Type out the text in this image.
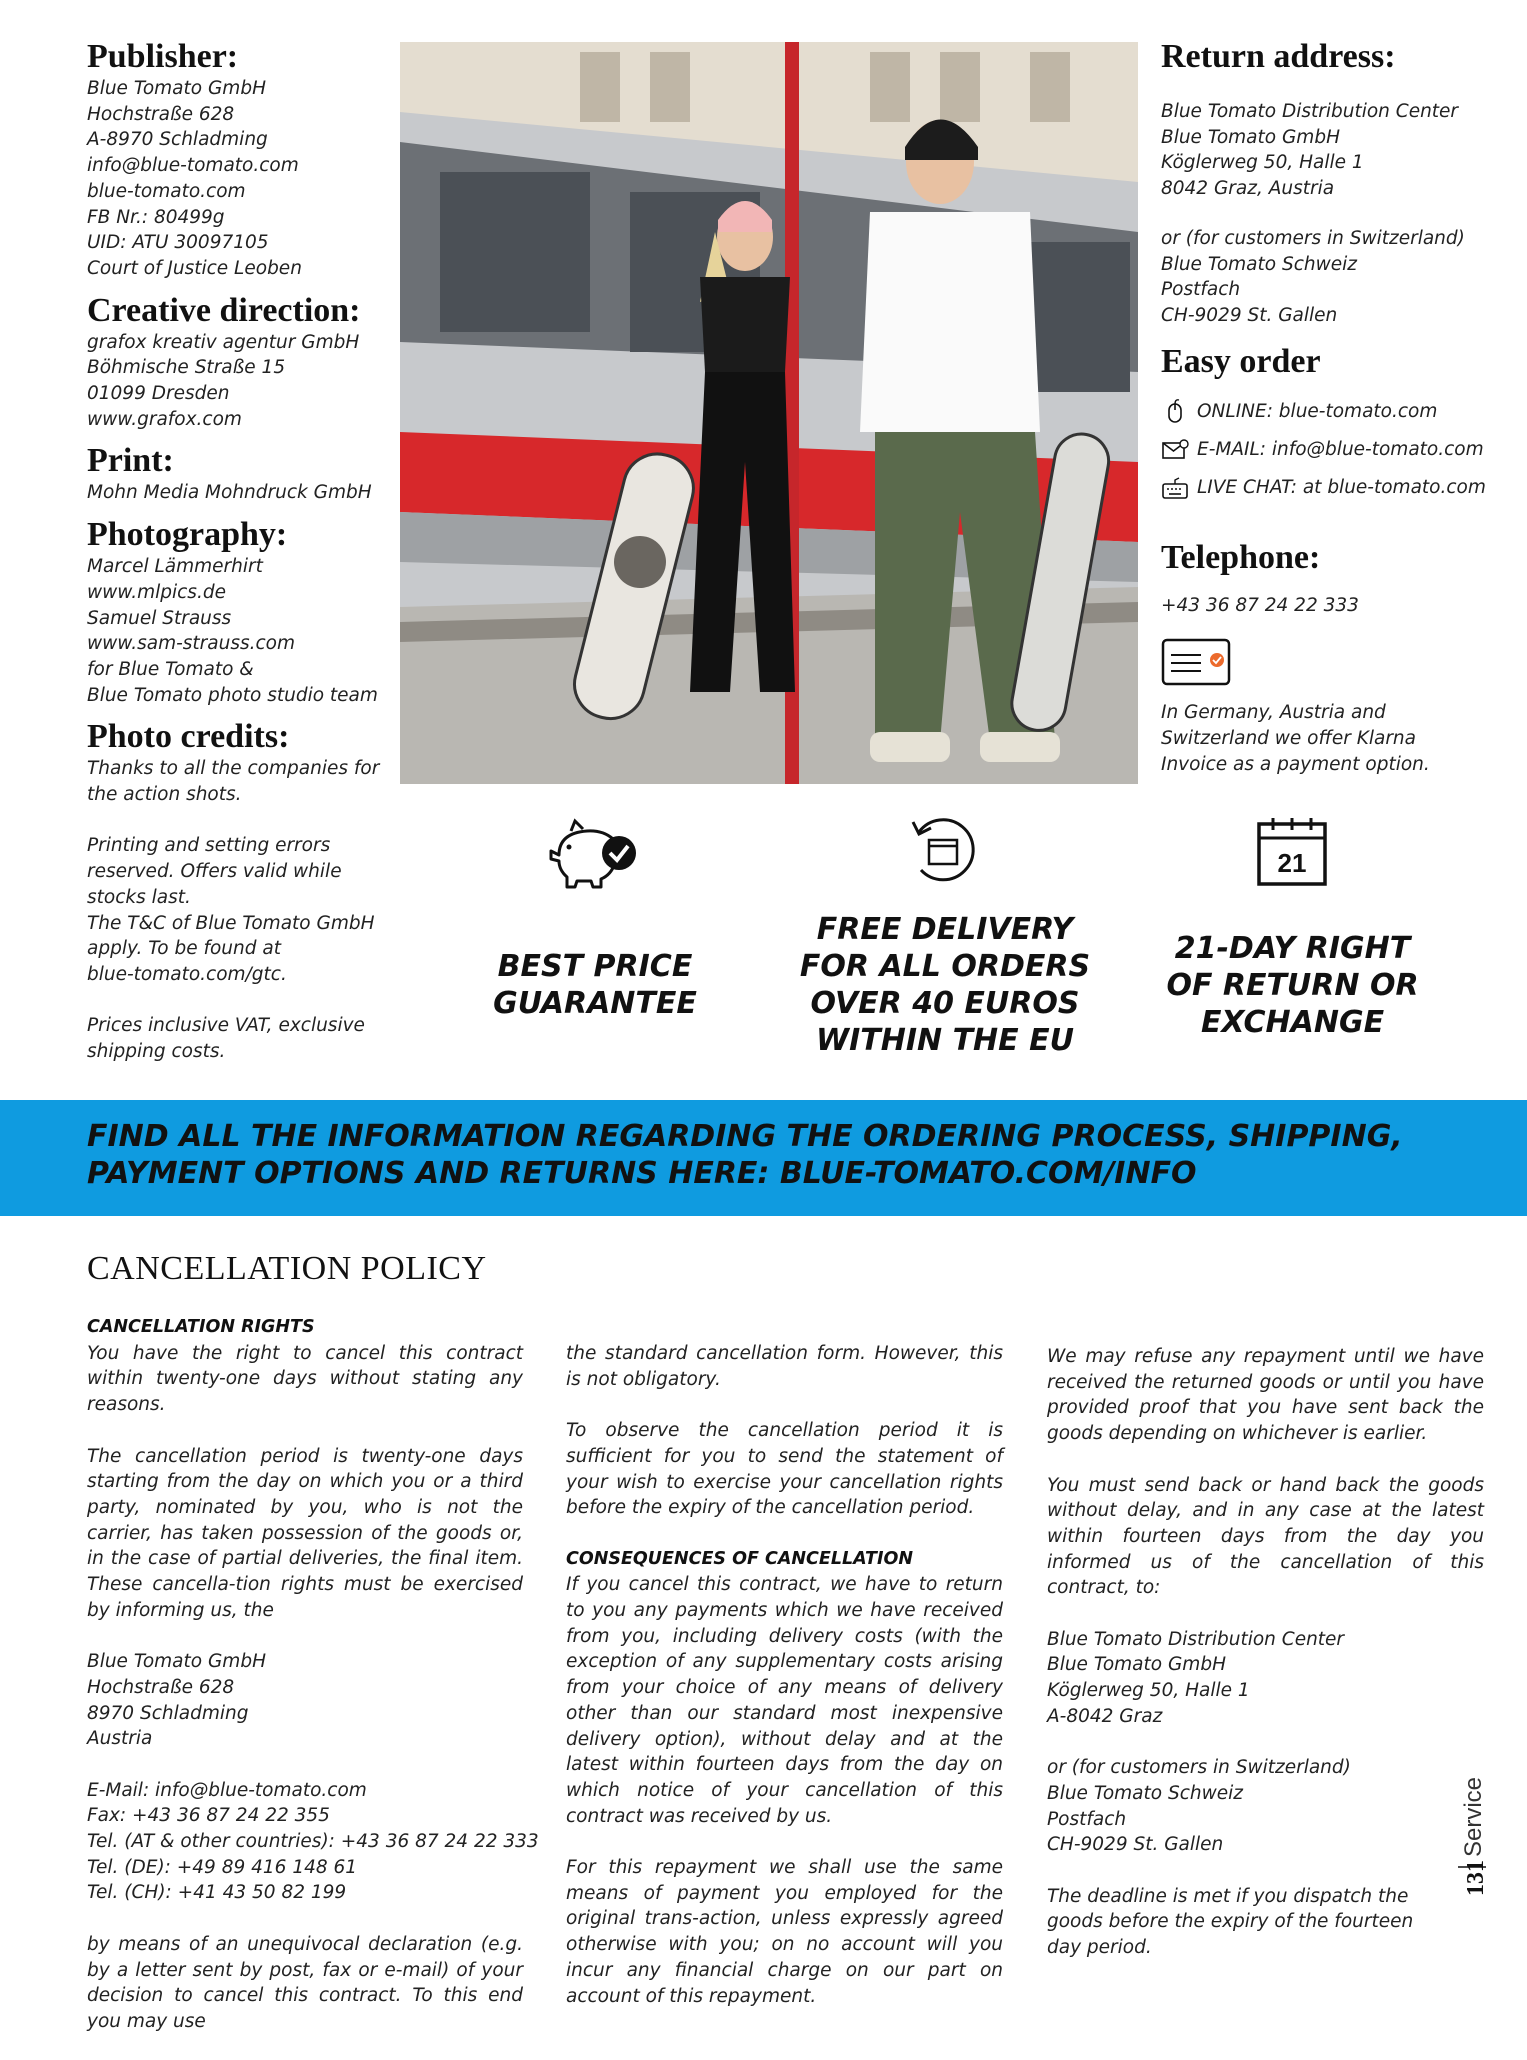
Publisher:
Blue Tomato GmbH
Hochstraße 628
A-8970 Schladming
info@blue-tomato.com
blue-tomato.com
FB Nr.: 80499g
UID: ATU 30097105
Court of Justice Leoben
Creative direction:
grafox kreativ agentur GmbH
Böhmische Straße 15
01099 Dresden
www.grafox.com
Print:
Mohn Media Mohndruck GmbH
Photography:
Marcel Lämmerhirt
www.mlpics.de
Samuel Strauss
www.sam-strauss.com
for Blue Tomato &
Blue Tomato photo studio team
Photo credits:
Thanks to all the companies for
the action shots.

Printing and setting errors
reserved. Offers valid while
stocks last.
The T&C of Blue Tomato GmbH
apply. To be found at
blue-tomato.com/gtc.

Prices inclusive VAT, exclusive
shipping costs.
Return address:
Blue Tomato Distribution Center
Blue Tomato GmbH
Köglerweg 50, Halle 1
8042 Graz, Austria
or (for customers in Switzerland)
Blue Tomato Schweiz
Postfach
CH-9029 St. Gallen
Easy order
ONLINE: blue-tomato.com
E-MAIL: info@blue-tomato.com
LIVE CHAT: at blue-tomato.com
Telephone:
+43 36 87 24 22 333
In Germany, Austria and
Switzerland we offer Klarna
Invoice as a payment option.
21
BEST PRICE
GUARANTEE
FREE DELIVERY
FOR ALL ORDERS
OVER 40 EUROS
WITHIN THE EU
21-DAY RIGHT
OF RETURN OR
EXCHANGE
FIND ALL THE INFORMATION REGARDING THE ORDERING PROCESS, SHIPPING,
PAYMENT OPTIONS AND RETURNS HERE: BLUE-TOMATO.COM/INFO
CANCELLATION POLICY
CANCELLATION RIGHTS

You have the right to cancel this contract within twenty-one days without stating any reasons.

The cancellation period is twenty-one days starting from the day on which you or a third party, nominated by you, who is not the carrier, has taken possession of the goods or, in the case of partial deliveries, the final item. These cancella-tion rights must be exercised by informing us, the

Blue Tomato GmbH
Hochstraße 628
8970 Schladming
Austria
E-Mail: info@blue-tomato.com
Fax: +43 36 87 24 22 355
Tel. (AT & other countries): +43 36 87 24 22 333
Tel. (DE): +49 89 416 148 61
Tel. (CH): +41 43 50 82 199

by means of an unequivocal declaration (e.g. by a letter sent by post, fax or e-mail) of your decision to cancel this contract. To this end you may use

the standard cancellation form. However, this is not obligatory.

To observe the cancellation period it is sufficient for you to send the statement of your wish to exercise your cancellation rights before the expiry of the cancellation period.

CONSEQUENCES OF CANCELLATION

If you cancel this contract, we have to return to you any payments which we have received from you, including delivery costs (with the exception of any supplementary costs arising from your choice of any means of delivery other than our standard most inexpensive delivery option), without delay and at the latest within fourteen days from the day on which notice of your cancellation of this contract was received by us.

For this repayment we shall use the same means of payment you employed for the original trans-action, unless expressly agreed otherwise with you; on no account will you incur any financial charge on our part on account of this repayment.

We may refuse any repayment until we have received the returned goods or until you have provided proof that you have sent back the goods depending on whichever is earlier.

You must send back or hand back the goods without delay, and in any case at the latest within fourteen days from the day you informed us of the cancellation of this contract, to:

Blue Tomato Distribution Center
Blue Tomato GmbH
Köglerweg 50, Halle 1
A-8042 Graz
or (for customers in Switzerland)
Blue Tomato Schweiz
Postfach
CH-9029 St. Gallen
The deadline is met if you dispatch the
goods before the expiry of the fourteen
day period.
Service
131
